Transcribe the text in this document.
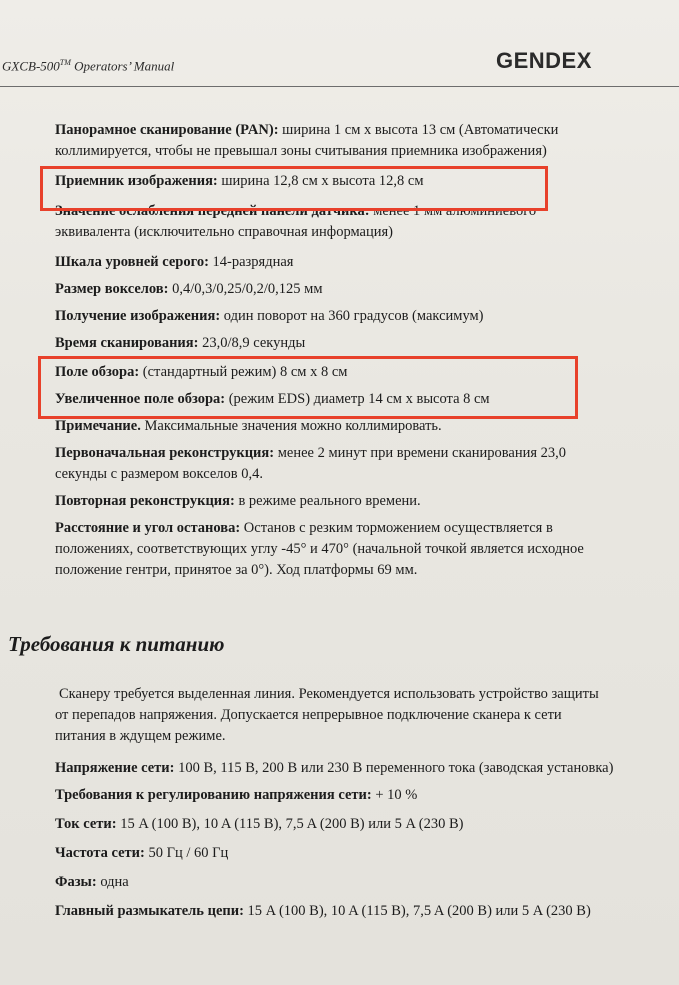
GXCB-500™ Operators’ Manual	GENDEX

Панорамное сканирование (PAN): ширина 1 см х высота 13 см (Автоматически коллимируется, чтобы не превышал зоны считывания приемника изображения)

Приемник изображения: ширина 12,8 см х высота 12,8 см

Значение ослабления передней панели датчика: менее 1 мм алюминиевого эквивалента (исключительно справочная информация)

Шкала уровней серого: 14-разрядная

Размер вокселов: 0,4/0,3/0,25/0,2/0,125 мм

Получение изображения: один поворот на 360 градусов (максимум)

Время сканирования: 23,0/8,9 секунды

Поле обзора: (стандартный режим) 8 см х 8 см

Увеличенное поле обзора: (режим EDS) диаметр 14 см х высота 8 см

Примечание. Максимальные значения можно коллимировать.

Первоначальная реконструкция: менее 2 минут при времени сканирования 23,0 секунды с размером вокселов 0,4.

Повторная реконструкция: в режиме реального времени.

Расстояние и угол останова: Останов с резким торможением осуществляется в положениях, соответствующих углу -45° и 470° (начальной точкой является исходное положение гентри, принятое за 0°). Ход платформы 69 мм.

Требования к питанию

Сканеру требуется выделенная линия. Рекомендуется использовать устройство защиты от перепадов напряжения. Допускается непрерывное подключение сканера к сети питания в ждущем режиме.

Напряжение сети: 100 В, 115 В, 200 В или 230 В переменного тока (заводская установка)

Требования к регулированию напряжения сети: + 10 %

Ток сети: 15 A (100 В), 10 A (115 В), 7,5 A (200 В) или 5 A (230 В)

Частота сети: 50 Гц / 60 Гц

Фазы: одна

Главный размыкатель цепи: 15 A (100 В), 10 A (115 В), 7,5 A (200 В) или 5 A (230 В)
